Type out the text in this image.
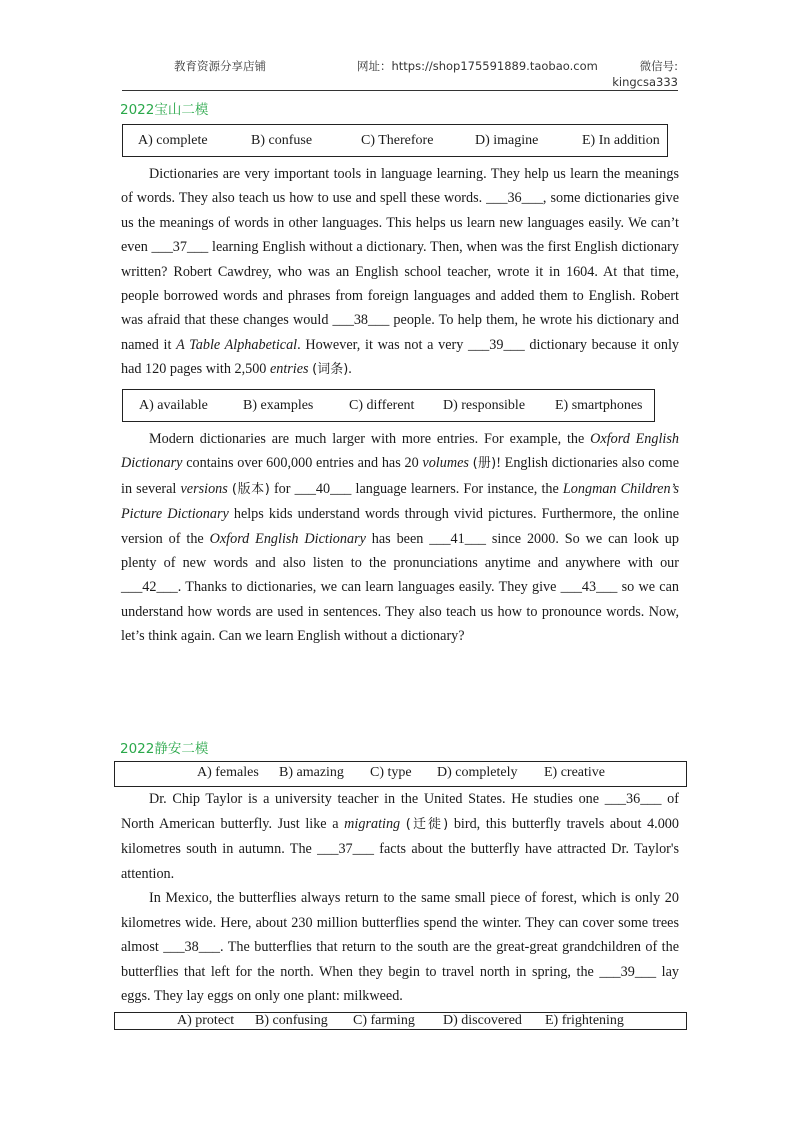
教育资源分享店铺	网址：https://shop175591889.taobao.com	微信号:
kingcsa333
2022宝山二模
A) complete	B) confuse	C) Therefore	D) imagine	E) In addition

Dictionaries are very important tools in language learning. They help us learn the meanings of words. They also teach us how to use and spell these words. ___36___, some dictionaries give us the meanings of words in other languages. This helps us learn new languages easily. We can’t even ___37___ learning English without a dictionary. Then, when was the first English dictionary written? Robert Cawdrey, who was an English school teacher, wrote it in 1604. At that time, people borrowed words and phrases from foreign languages and added them to English. Robert was afraid that these changes would ___38___ people. To help them, he wrote his dictionary and named it A Table Alphabetical. However, it was not a very ___39___ dictionary because it only had 120 pages with 2,500 entries (词条).

A) available	B) examples	C) different D) responsible E) smartphones

Modern dictionaries are much larger with more entries. For example, the Oxford English Dictionary contains over 600,000 entries and has 20 volumes (册)! English dictionaries also come in several versions (版本) for ___40___ language learners. For instance, the Longman Children’s Picture Dictionary helps kids understand words through vivid pictures. Furthermore, the online version of the Oxford English Dictionary has been ___41___ since 2000. So we can look up plenty of new words and also listen to the pronunciations anytime and anywhere with our ___42___. Thanks to dictionaries, we can learn languages easily. They give ___43___ so we can understand how words are used in sentences. They also teach us how to pronounce words. Now, let’s think again. Can we learn English without a dictionary?

2022静安二模
A) females B) amazing C) type D) completely E) creative

Dr. Chip Taylor is a university teacher in the United States. He studies one ___36___ of North American butterfly. Just like a migrating (迁徙) bird, this butterfly travels about 4.000 kilometres south in autumn. The ___37___ facts about the butterfly have attracted Dr. Taylor's attention.

In Mexico, the butterflies always return to the same small piece of forest, which is only 20 kilometres wide. Here, about 230 million butterflies spend the winter. They can cover some trees almost ___38___. The butterflies that return to the south are the great-great grandchildren of the butterflies that left for the north. When they begin to travel north in spring, the ___39___ lay eggs. They lay eggs on only one plant: milkweed.

A) protect B) confusing C) farming D) discovered E) frightening
